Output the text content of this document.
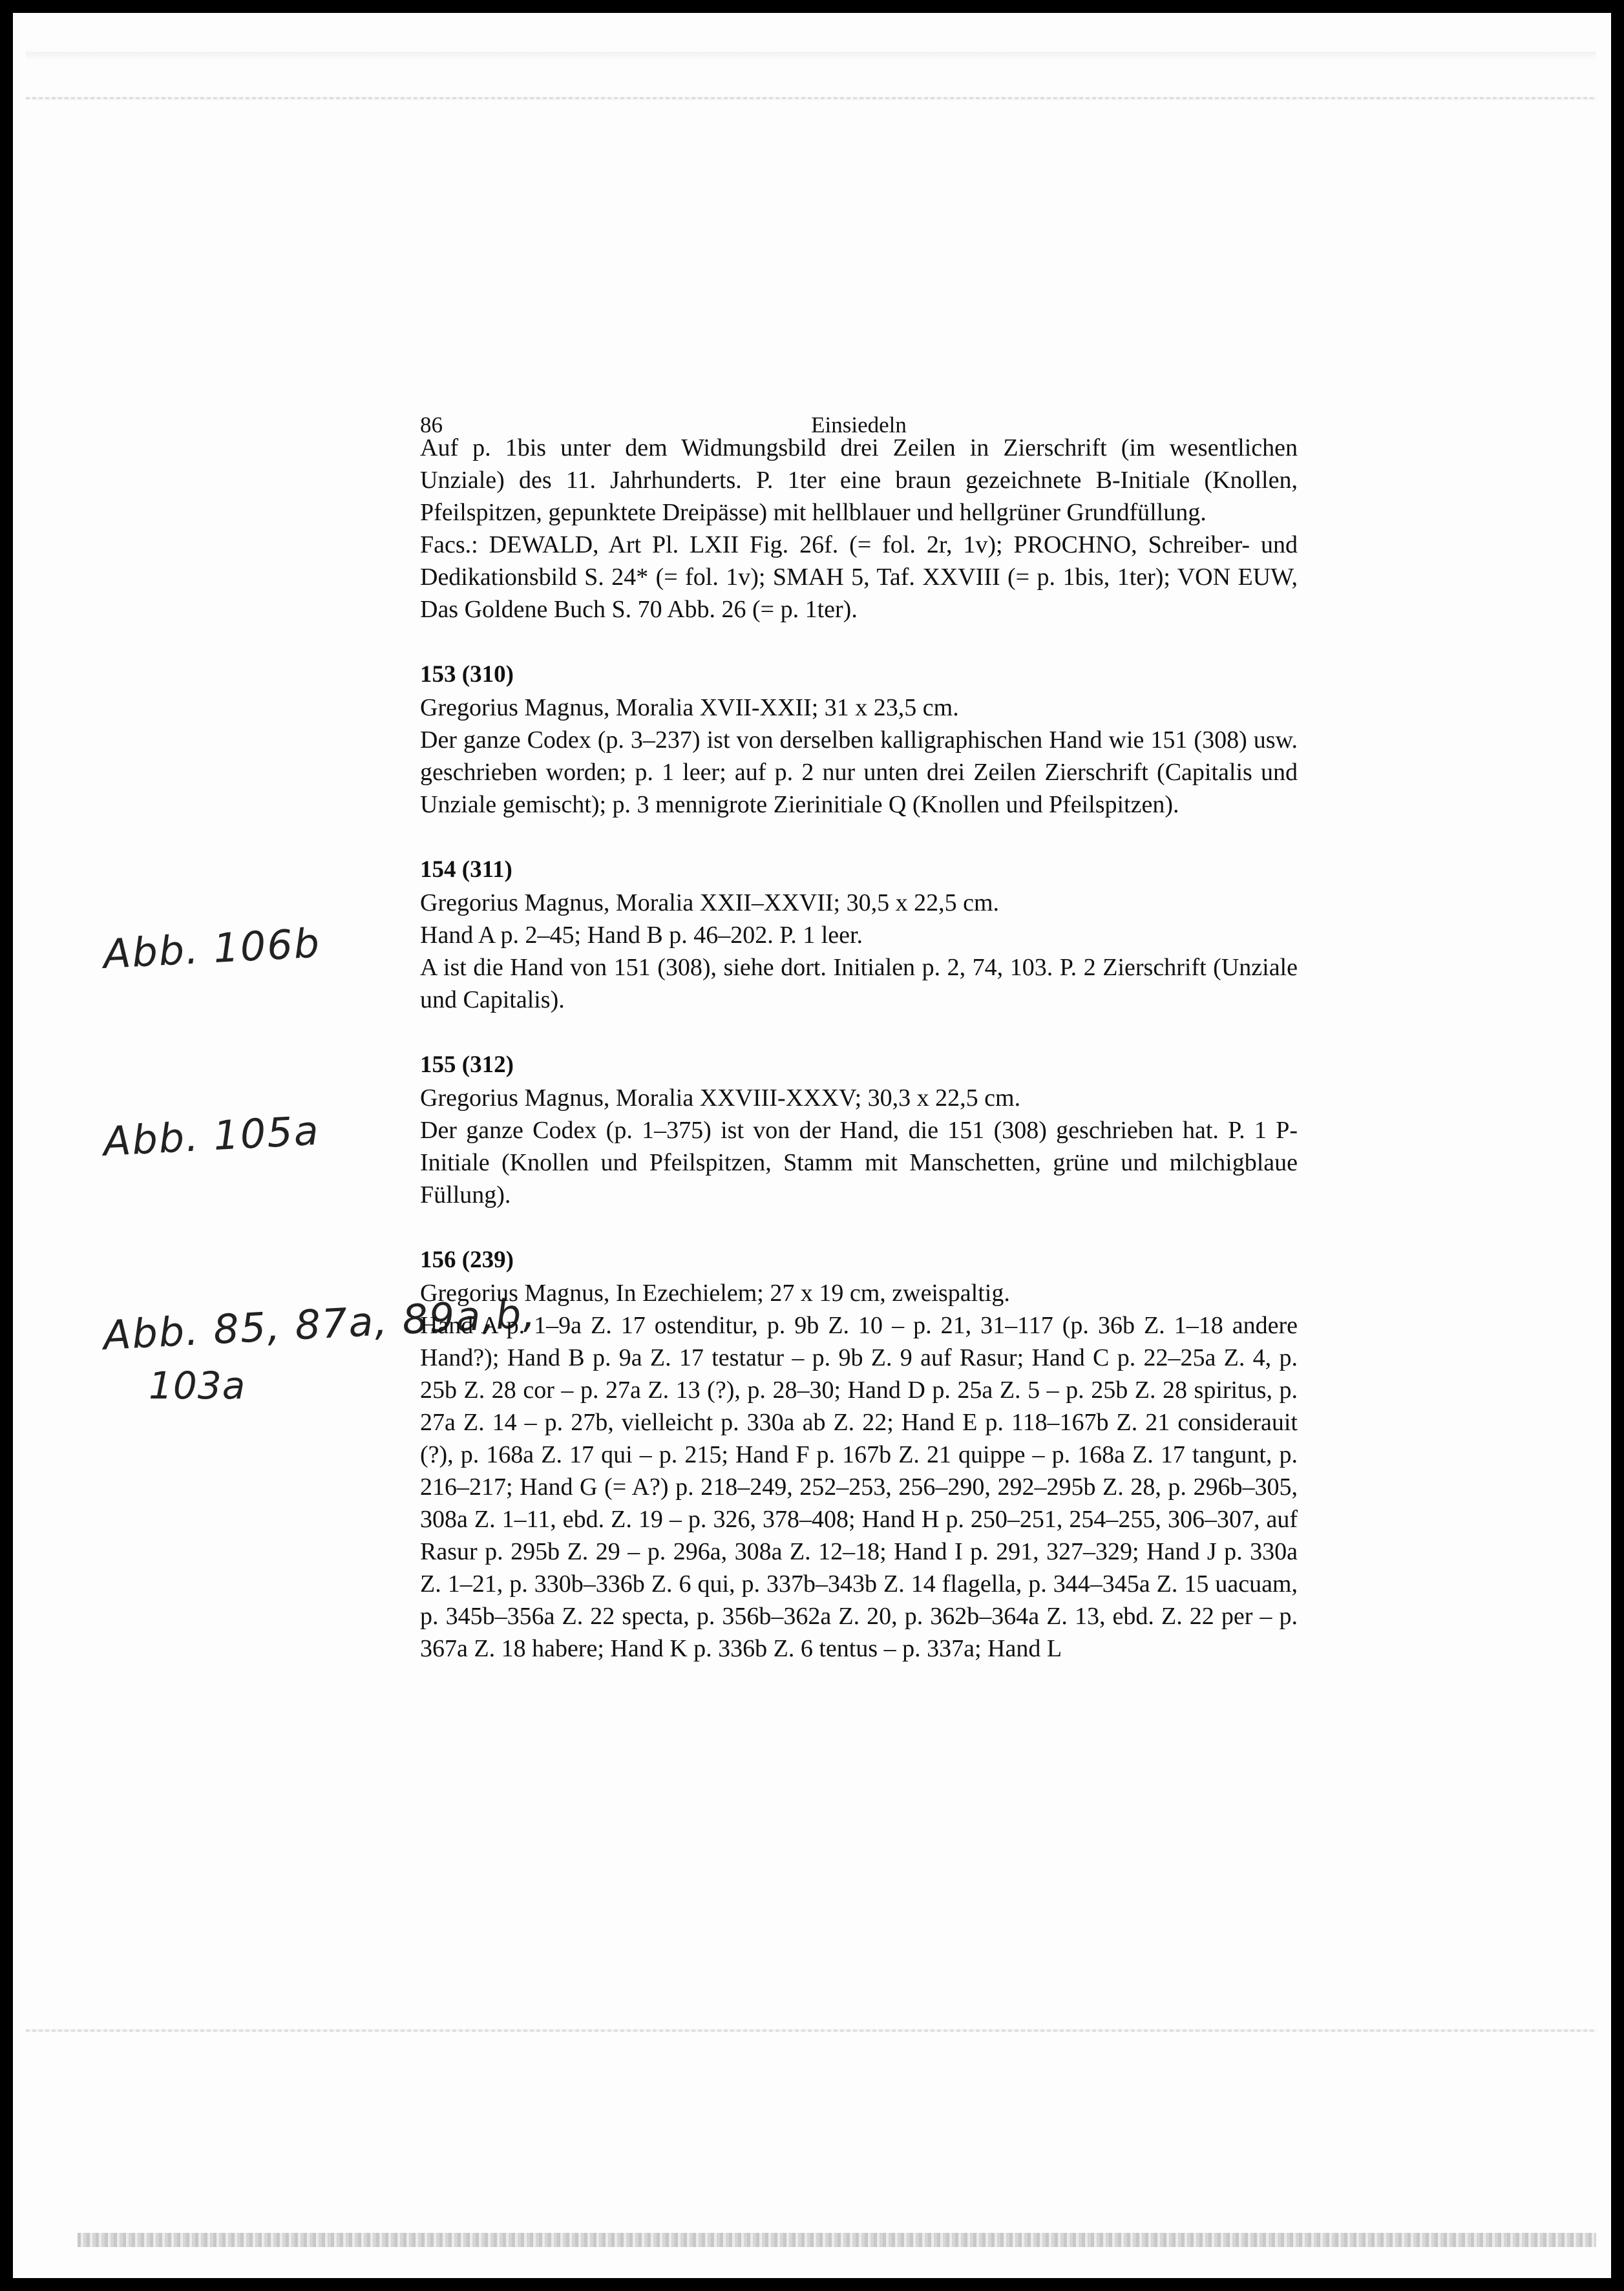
Abb. 106b
Abb. 105a
Abb. 85, 87a, 89a,b,
103a
86	Einsiedeln

Auf p. 1bis unter dem Widmungsbild drei Zeilen in Zierschrift (im wesentlichen Unziale) des 11. Jahrhunderts. P. 1ter eine braun gezeichnete B-Initiale (Knollen, Pfeilspitzen, gepunktete Dreipässe) mit hellblauer und hellgrüner Grundfüllung.

Facs.: DEWALD, Art Pl. LXII Fig. 26f. (= fol. 2r, 1v); PROCHNO, Schreiber- und Dedikationsbild S. 24* (= fol. 1v); SMAH 5, Taf. XXVIII (= p. 1bis, 1ter); VON EUW, Das Goldene Buch S. 70 Abb. 26 (= p. 1ter).

153 (310)

Gregorius Magnus, Moralia XVII-XXII; 31 x 23,5 cm.

Der ganze Codex (p. 3–237) ist von derselben kalligraphischen Hand wie 151 (308) usw. geschrieben worden; p. 1 leer; auf p. 2 nur unten drei Zeilen Zierschrift (Capitalis und Unziale gemischt); p. 3 mennigrote Zierinitiale Q (Knollen und Pfeilspitzen).

154 (311)

Gregorius Magnus, Moralia XXII–XXVII; 30,5 x 22,5 cm.

Hand A p. 2–45; Hand B p. 46–202. P. 1 leer.

A ist die Hand von 151 (308), siehe dort. Initialen p. 2, 74, 103. P. 2 Zierschrift (Unziale und Capitalis).

155 (312)

Gregorius Magnus, Moralia XXVIII-XXXV; 30,3 x 22,5 cm.

Der ganze Codex (p. 1–375) ist von der Hand, die 151 (308) geschrieben hat. P. 1 P-Initiale (Knollen und Pfeilspitzen, Stamm mit Manschetten, grüne und milchigblaue Füllung).

156 (239)

Gregorius Magnus, In Ezechielem; 27 x 19 cm, zweispaltig.

Hand A p. 1–9a Z. 17 ostenditur, p. 9b Z. 10 – p. 21, 31–117 (p. 36b Z. 1–18 andere Hand?); Hand B p. 9a Z. 17 testatur – p. 9b Z. 9 auf Rasur; Hand C p. 22–25a Z. 4, p. 25b Z. 28 cor – p. 27a Z. 13 (?), p. 28–30; Hand D p. 25a Z. 5 – p. 25b Z. 28 spiritus, p. 27a Z. 14 – p. 27b, vielleicht p. 330a ab Z. 22; Hand E p. 118–167b Z. 21 considerauit (?), p. 168a Z. 17 qui – p. 215; Hand F p. 167b Z. 21 quippe – p. 168a Z. 17 tangunt, p. 216–217; Hand G (= A?) p. 218–249, 252–253, 256–290, 292–295b Z. 28, p. 296b–305, 308a Z. 1–11, ebd. Z. 19 – p. 326, 378–408; Hand H p. 250–251, 254–255, 306–307, auf Rasur p. 295b Z. 29 – p. 296a, 308a Z. 12–18; Hand I p. 291, 327–329; Hand J p. 330a Z. 1–21, p. 330b–336b Z. 6 qui, p. 337b–343b Z. 14 flagella, p. 344–345a Z. 15 uacuam, p. 345b–356a Z. 22 specta, p. 356b–362a Z. 20, p. 362b–364a Z. 13, ebd. Z. 22 per – p. 367a Z. 18 habere; Hand K p. 336b Z. 6 tentus – p. 337a; Hand L
